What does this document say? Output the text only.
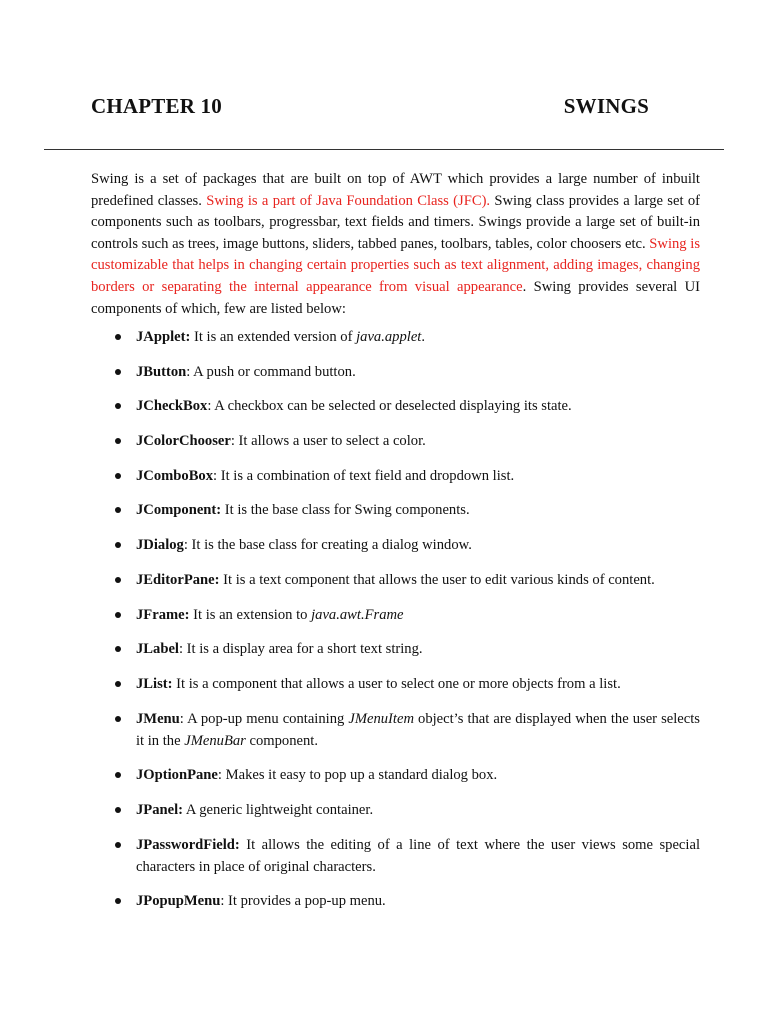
CHAPTER 10	SWINGS

Swing is a set of packages that are built on top of AWT which provides a large number of inbuilt predefined classes. Swing is a part of Java Foundation Class (JFC). Swing class provides a large set of components such as toolbars, progressbar, text fields and timers. Swings provide a large set of built-in controls such as trees, image buttons, sliders, tabbed panes, toolbars, tables, color choosers etc. Swing is customizable that helps in changing certain properties such as text alignment, adding images, changing borders or separating the internal appearance from visual appearance. Swing provides several UI components of which, few are listed below:

JApplet: It is an extended version of java.applet.
JButton: A push or command button.
JCheckBox: A checkbox can be selected or deselected displaying its state.
JColorChooser: It allows a user to select a color.
JComboBox: It is a combination of text field and dropdown list.
JComponent: It is the base class for Swing components.
JDialog: It is the base class for creating a dialog window.
JEditorPane: It is a text component that allows the user to edit various kinds of content.
JFrame: It is an extension to java.awt.Frame
JLabel: It is a display area for a short text string.
JList: It is a component that allows a user to select one or more objects from a list.
JMenu: A pop-up menu containing JMenuItem object’s that are displayed when the user selects it in the JMenuBar component.
JOptionPane: Makes it easy to pop up a standard dialog box.
JPanel: A generic lightweight container.
JPasswordField: It allows the editing of a line of text where the user views some special characters in place of original characters.
JPopupMenu: It provides a pop-up menu.
